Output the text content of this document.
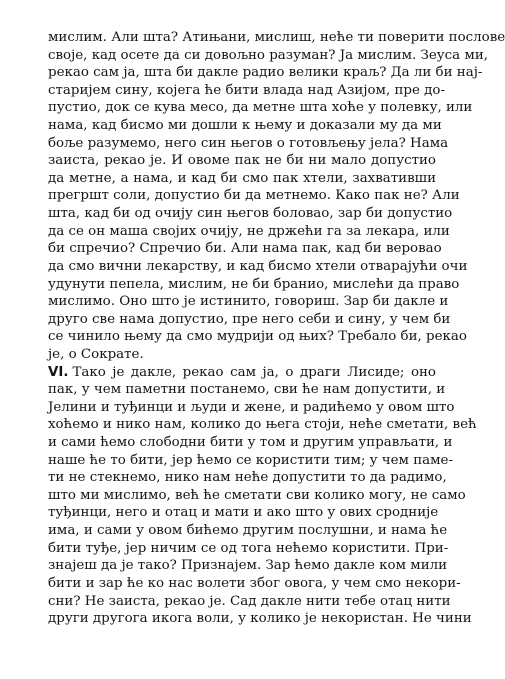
мислим. Али шта? Атињани, мислиш, неће ти поверити послове
своје, кад осете да си довољно разуман? Ја мислим. Зеуса ми,
рекао сам ја, шта би дакле радио велики краљ? Да ли би нај-
старијем сину, којега ће бити влада над Азијом, пре до-
пустио, док се кува месо, да метне шта хоће у полевку, или
нама, кад бисмо ми дошли к њему и доказали му да ми
боље разумемо, него син његов о готовљењу јела? Нама
заиста, рекао је. И овоме пак не би ни мало допустио
да метне, а нама, и кад би смо пак хтели, захвативши
прегршт соли, допустио би да метнемо. Како пак не? Али
шта, кад би од очију син његов боловао, зар би допустио
да се он маша својих очију, не држећи га за лекара, или
би спречио? Спречио би. Али нама пак, кад би веровао
да смо вични лекарству, и кад бисмо хтели отварајући очи
удунути пепела, мислим, не би бранио, мислећи да право
мислимо. Оно што је истинито, говориш. Зар би дакле и
друго све нама допустио, пре него себи и сину, у чем би
се чинило њему да смо мудрији од њих? Требало би, рекао
је, о Сократе.
VI. Тако је дакле, рекао сам ја, о драги Лисиде; оно
пак, у чем паметни постанемо, сви ће нам допустити, и
Јелини и туђинци и људи и жене, и радићемо у овом што
хоћемо и нико нам, колико до њега стоји, неће сметати, већ
и сами ћемо слободни бити у том и другим управљати, и
наше ће то бити, јер ћемо се користити тим; у чем паме-
ти не стекнемо, нико нам неће допустити то да радимо,
што ми мислимо, већ ће сметати сви колико могу, не само
туђинци, него и отац и мати и ако што у ових сродније
има, и сами у овом бићемо другим послушни, и нама ће
бити туђе, јер ничим се од тога нећемо користити. При-
знајеш да је тако? Признајем. Зар ћемо дакле ком мили
бити и зар ће ко нас волети због овога, у чем смо некори-
сни? Не заиста, рекао је. Сад дакле нити тебе отац нити
други другога икога воли, у колико је некористан. Не чини
